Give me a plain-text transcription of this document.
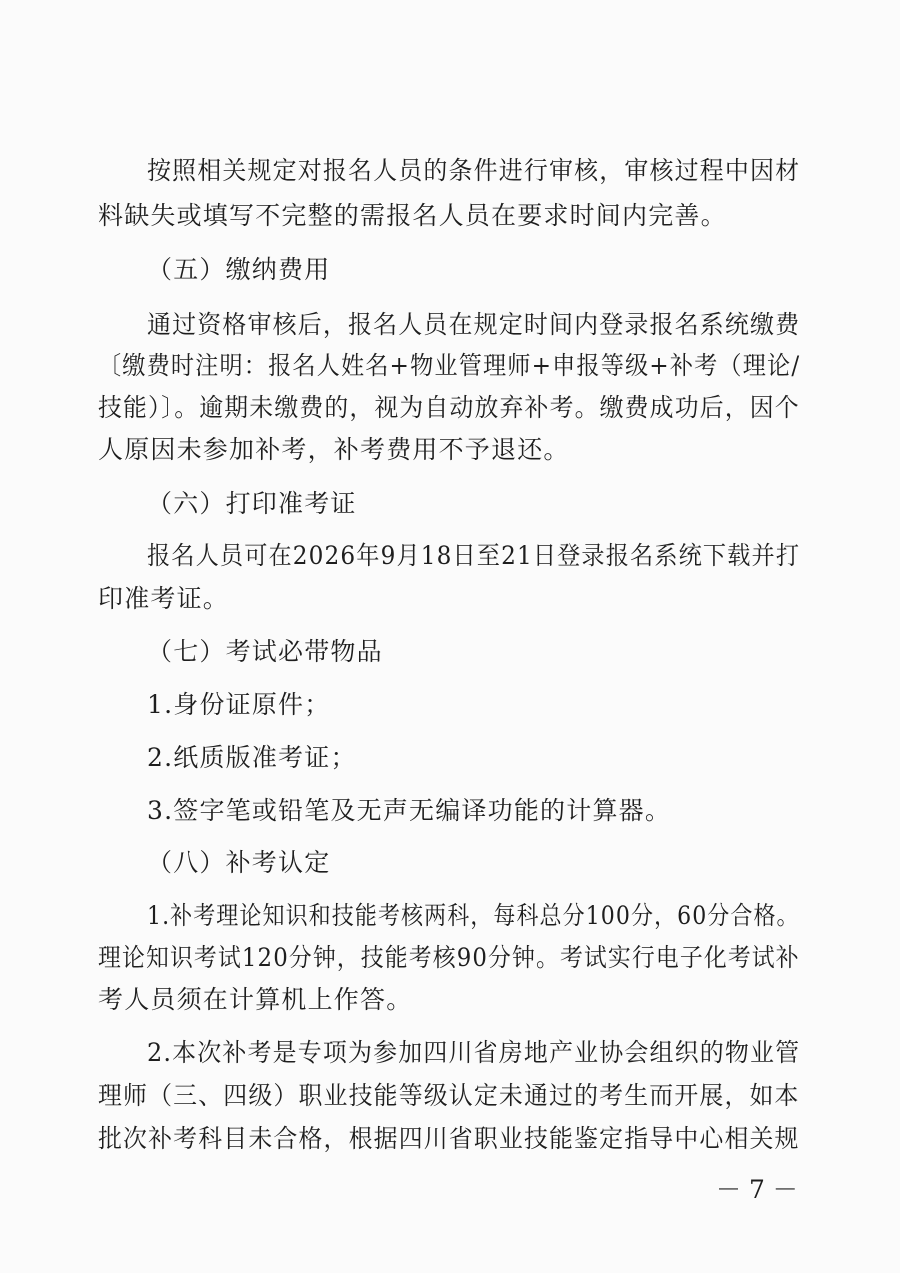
按照相关规定对报名人员的条件进行审核，审核过程中因材
料缺失或填写不完整的需报名人员在要求时间内完善。
（五）缴纳费用
通过资格审核后，报名人员在规定时间内登录报名系统缴费
〔缴费时注明：报名人姓名+物业管理师+申报等级+补考（理论/
技能）〕。逾期未缴费的，视为自动放弃补考。缴费成功后，因个
人原因未参加补考，补考费用不予退还。
（六）打印准考证
报名人员可在2026年9月18日至21日登录报名系统下载并打
印准考证。
（七）考试必带物品
1.身份证原件；
2.纸质版准考证；
3.签字笔或铅笔及无声无编译功能的计算器。
（八）补考认定
1.补考理论知识和技能考核两科，每科总分100分，60分合格。
理论知识考试120分钟，技能考核90分钟。考试实行电子化考试补
考人员须在计算机上作答。
2.本次补考是专项为参加四川省房地产业协会组织的物业管
理师（三、四级）职业技能等级认定未通过的考生而开展，如本
批次补考科目未合格，根据四川省职业技能鉴定指导中心相关规
－ 7 －
